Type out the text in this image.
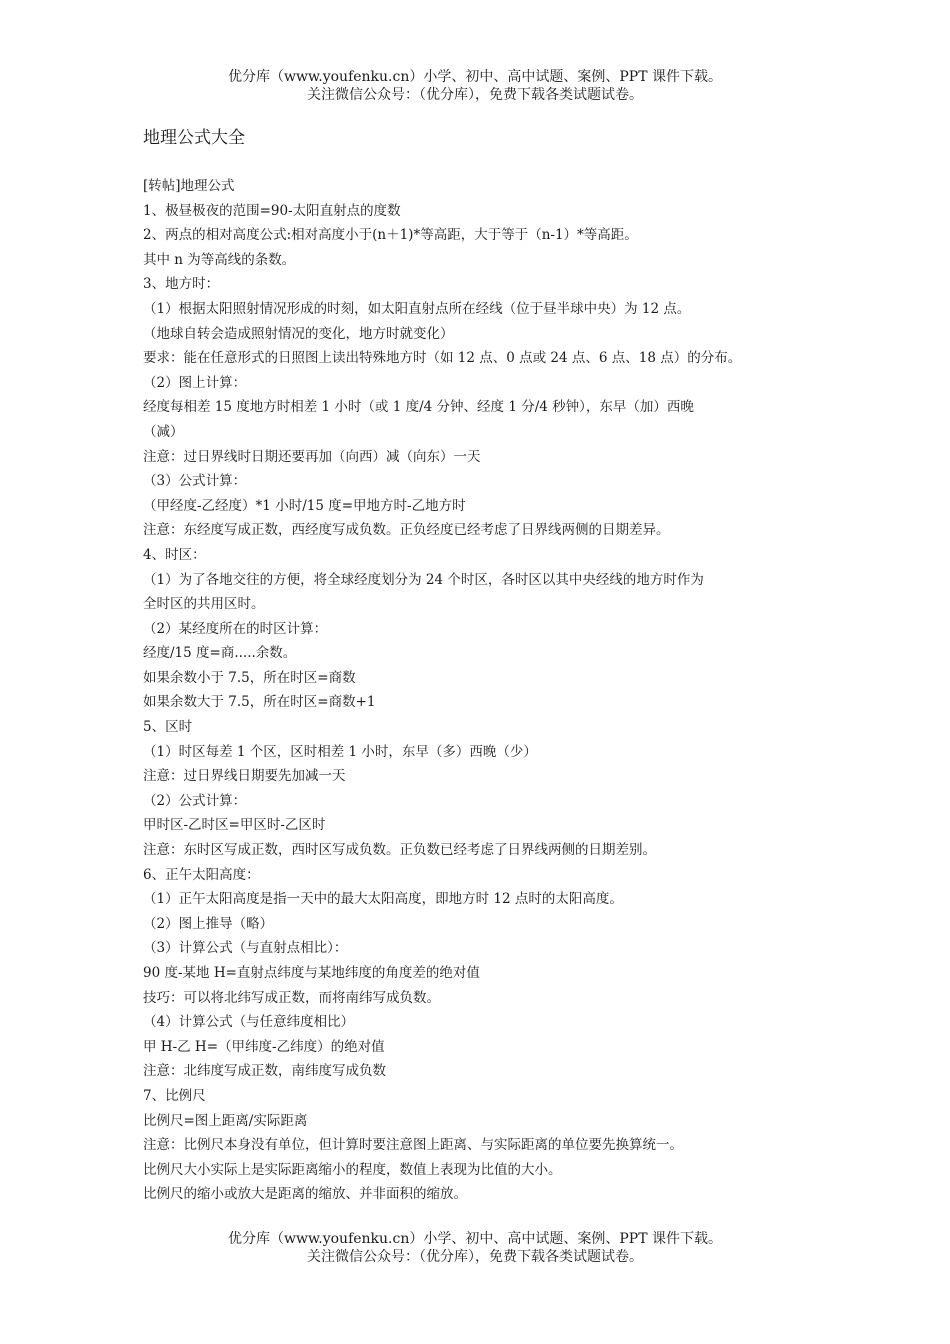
优分库（www.youfenku.cn）小学、初中、高中试题、案例、PPT 课件下载。
关注微信公众号：（优分库），免费下载各类试题试卷。
地理公式大全
[转帖]地理公式
1、极昼极夜的范围=90-太阳直射点的度数
2、两点的相对高度公式:相对高度小于(n＋1)*等高距，大于等于（n-1）*等高距。
其中 n 为等高线的条数。
3、地方时：
（1）根据太阳照射情况形成的时刻，如太阳直射点所在经线（位于昼半球中央）为 12 点。
（地球自转会造成照射情况的变化，地方时就变化）
要求：能在任意形式的日照图上读出特殊地方时（如 12 点、0 点或 24 点、6 点、18 点）的分布。
（2）图上计算：
经度每相差 15 度地方时相差 1 小时（或 1 度/4 分钟、经度 1 分/4 秒钟），东早（加）西晚
（减）
注意：过日界线时日期还要再加（向西）减（向东）一天
（3）公式计算：
（甲经度-乙经度）*1 小时/15 度=甲地方时-乙地方时
注意：东经度写成正数，西经度写成负数。正负经度已经考虑了日界线两侧的日期差异。
4、时区：
（1）为了各地交往的方便，将全球经度划分为 24 个时区，各时区以其中央经线的地方时作为
全时区的共用区时。
（2）某经度所在的时区计算：
经度/15 度=商.....余数。
如果余数小于 7.5，所在时区=商数
如果余数大于 7.5，所在时区=商数+1
5、区时
（1）时区每差 1 个区，区时相差 1 小时，东早（多）西晚（少）
注意：过日界线日期要先加减一天
（2）公式计算：
甲时区-乙时区=甲区时-乙区时
注意：东时区写成正数，西时区写成负数。正负数已经考虑了日界线两侧的日期差别。
6、正午太阳高度：
（1）正午太阳高度是指一天中的最大太阳高度，即地方时 12 点时的太阳高度。
（2）图上推导（略）
（3）计算公式（与直射点相比）：
90 度-某地 H=直射点纬度与某地纬度的角度差的绝对值
技巧：可以将北纬写成正数，而将南纬写成负数。
（4）计算公式（与任意纬度相比）
甲 H-乙 H=（甲纬度-乙纬度）的绝对值
注意：北纬度写成正数，南纬度写成负数
7、比例尺
比例尺=图上距离/实际距离
注意：比例尺本身没有单位，但计算时要注意图上距离、与实际距离的单位要先换算统一。
比例尺大小实际上是实际距离缩小的程度，数值上表现为比值的大小。
比例尺的缩小或放大是距离的缩放、并非面积的缩放。
优分库（www.youfenku.cn）小学、初中、高中试题、案例、PPT 课件下载。
关注微信公众号：（优分库），免费下载各类试题试卷。
